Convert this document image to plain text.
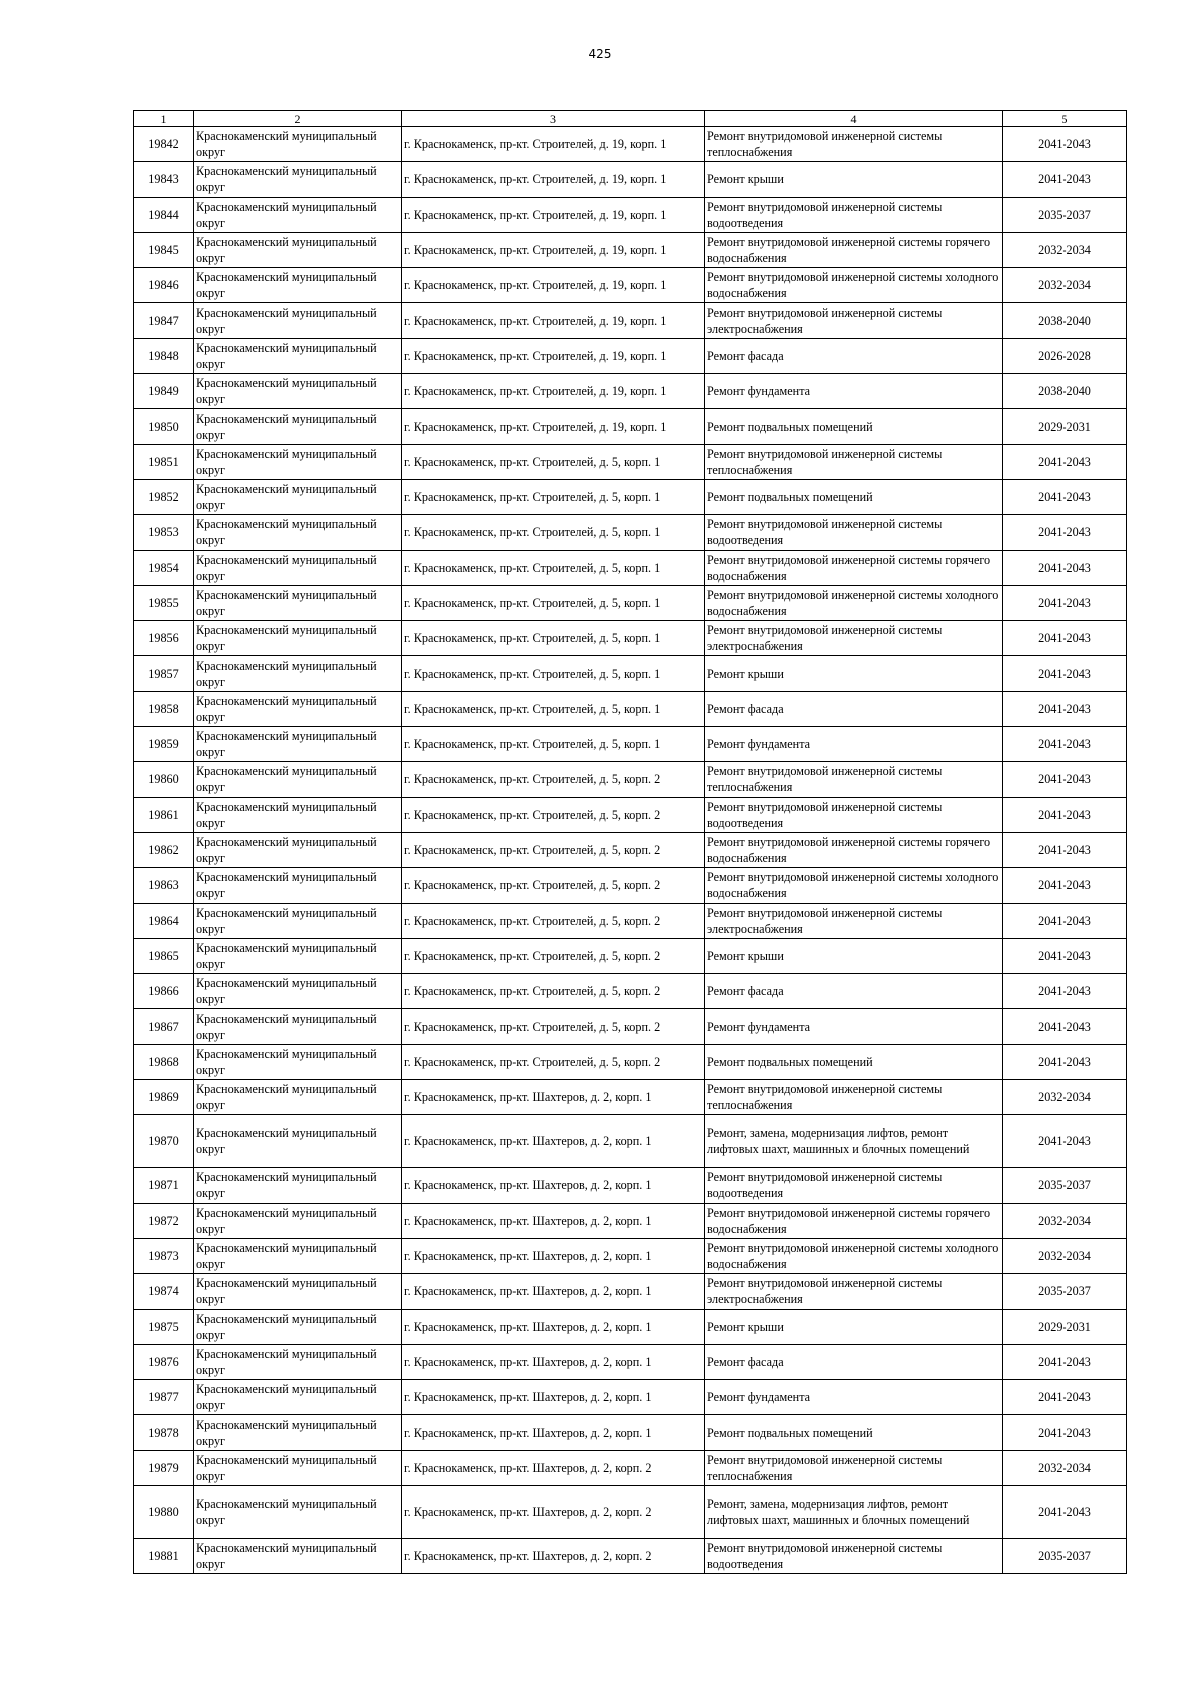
425
1	2	3	4	5
19842	Краснокаменский муниципальный округ	г. Краснокаменск, пр-кт. Строителей, д. 19, корп. 1	Ремонт внутридомовой инженерной системы теплоснабжения	2041-2043
19843	Краснокаменский муниципальный округ	г. Краснокаменск, пр-кт. Строителей, д. 19, корп. 1	Ремонт крыши	2041-2043
19844	Краснокаменский муниципальный округ	г. Краснокаменск, пр-кт. Строителей, д. 19, корп. 1	Ремонт внутридомовой инженерной системы водоотведения	2035-2037
19845	Краснокаменский муниципальный округ	г. Краснокаменск, пр-кт. Строителей, д. 19, корп. 1	Ремонт внутридомовой инженерной системы горячего водоснабжения	2032-2034
19846	Краснокаменский муниципальный округ	г. Краснокаменск, пр-кт. Строителей, д. 19, корп. 1	Ремонт внутридомовой инженерной системы холодного водоснабжения	2032-2034
19847	Краснокаменский муниципальный округ	г. Краснокаменск, пр-кт. Строителей, д. 19, корп. 1	Ремонт внутридомовой инженерной системы электроснабжения	2038-2040
19848	Краснокаменский муниципальный округ	г. Краснокаменск, пр-кт. Строителей, д. 19, корп. 1	Ремонт фасада	2026-2028
19849	Краснокаменский муниципальный округ	г. Краснокаменск, пр-кт. Строителей, д. 19, корп. 1	Ремонт фундамента	2038-2040
19850	Краснокаменский муниципальный округ	г. Краснокаменск, пр-кт. Строителей, д. 19, корп. 1	Ремонт подвальных помещений	2029-2031
19851	Краснокаменский муниципальный округ	г. Краснокаменск, пр-кт. Строителей, д. 5, корп. 1	Ремонт внутридомовой инженерной системы теплоснабжения	2041-2043
19852	Краснокаменский муниципальный округ	г. Краснокаменск, пр-кт. Строителей, д. 5, корп. 1	Ремонт подвальных помещений	2041-2043
19853	Краснокаменский муниципальный округ	г. Краснокаменск, пр-кт. Строителей, д. 5, корп. 1	Ремонт внутридомовой инженерной системы водоотведения	2041-2043
19854	Краснокаменский муниципальный округ	г. Краснокаменск, пр-кт. Строителей, д. 5, корп. 1	Ремонт внутридомовой инженерной системы горячего водоснабжения	2041-2043
19855	Краснокаменский муниципальный округ	г. Краснокаменск, пр-кт. Строителей, д. 5, корп. 1	Ремонт внутридомовой инженерной системы холодного водоснабжения	2041-2043
19856	Краснокаменский муниципальный округ	г. Краснокаменск, пр-кт. Строителей, д. 5, корп. 1	Ремонт внутридомовой инженерной системы электроснабжения	2041-2043
19857	Краснокаменский муниципальный округ	г. Краснокаменск, пр-кт. Строителей, д. 5, корп. 1	Ремонт крыши	2041-2043
19858	Краснокаменский муниципальный округ	г. Краснокаменск, пр-кт. Строителей, д. 5, корп. 1	Ремонт фасада	2041-2043
19859	Краснокаменский муниципальный округ	г. Краснокаменск, пр-кт. Строителей, д. 5, корп. 1	Ремонт фундамента	2041-2043
19860	Краснокаменский муниципальный округ	г. Краснокаменск, пр-кт. Строителей, д. 5, корп. 2	Ремонт внутридомовой инженерной системы теплоснабжения	2041-2043
19861	Краснокаменский муниципальный округ	г. Краснокаменск, пр-кт. Строителей, д. 5, корп. 2	Ремонт внутридомовой инженерной системы водоотведения	2041-2043
19862	Краснокаменский муниципальный округ	г. Краснокаменск, пр-кт. Строителей, д. 5, корп. 2	Ремонт внутридомовой инженерной системы горячего водоснабжения	2041-2043
19863	Краснокаменский муниципальный округ	г. Краснокаменск, пр-кт. Строителей, д. 5, корп. 2	Ремонт внутридомовой инженерной системы холодного водоснабжения	2041-2043
19864	Краснокаменский муниципальный округ	г. Краснокаменск, пр-кт. Строителей, д. 5, корп. 2	Ремонт внутридомовой инженерной системы электроснабжения	2041-2043
19865	Краснокаменский муниципальный округ	г. Краснокаменск, пр-кт. Строителей, д. 5, корп. 2	Ремонт крыши	2041-2043
19866	Краснокаменский муниципальный округ	г. Краснокаменск, пр-кт. Строителей, д. 5, корп. 2	Ремонт фасада	2041-2043
19867	Краснокаменский муниципальный округ	г. Краснокаменск, пр-кт. Строителей, д. 5, корп. 2	Ремонт фундамента	2041-2043
19868	Краснокаменский муниципальный округ	г. Краснокаменск, пр-кт. Строителей, д. 5, корп. 2	Ремонт подвальных помещений	2041-2043
19869	Краснокаменский муниципальный округ	г. Краснокаменск, пр-кт. Шахтеров, д. 2, корп. 1	Ремонт внутридомовой инженерной системы теплоснабжения	2032-2034
19870	Краснокаменский муниципальный округ	г. Краснокаменск, пр-кт. Шахтеров, д. 2, корп. 1	Ремонт, замена, модернизация лифтов, ремонт лифтовых шахт, машинных и блочных помещений	2041-2043
19871	Краснокаменский муниципальный округ	г. Краснокаменск, пр-кт. Шахтеров, д. 2, корп. 1	Ремонт внутридомовой инженерной системы водоотведения	2035-2037
19872	Краснокаменский муниципальный округ	г. Краснокаменск, пр-кт. Шахтеров, д. 2, корп. 1	Ремонт внутридомовой инженерной системы горячего водоснабжения	2032-2034
19873	Краснокаменский муниципальный округ	г. Краснокаменск, пр-кт. Шахтеров, д. 2, корп. 1	Ремонт внутридомовой инженерной системы холодного водоснабжения	2032-2034
19874	Краснокаменский муниципальный округ	г. Краснокаменск, пр-кт. Шахтеров, д. 2, корп. 1	Ремонт внутридомовой инженерной системы электроснабжения	2035-2037
19875	Краснокаменский муниципальный округ	г. Краснокаменск, пр-кт. Шахтеров, д. 2, корп. 1	Ремонт крыши	2029-2031
19876	Краснокаменский муниципальный округ	г. Краснокаменск, пр-кт. Шахтеров, д. 2, корп. 1	Ремонт фасада	2041-2043
19877	Краснокаменский муниципальный округ	г. Краснокаменск, пр-кт. Шахтеров, д. 2, корп. 1	Ремонт фундамента	2041-2043
19878	Краснокаменский муниципальный округ	г. Краснокаменск, пр-кт. Шахтеров, д. 2, корп. 1	Ремонт подвальных помещений	2041-2043
19879	Краснокаменский муниципальный округ	г. Краснокаменск, пр-кт. Шахтеров, д. 2, корп. 2	Ремонт внутридомовой инженерной системы теплоснабжения	2032-2034
19880	Краснокаменский муниципальный округ	г. Краснокаменск, пр-кт. Шахтеров, д. 2, корп. 2	Ремонт, замена, модернизация лифтов, ремонт лифтовых шахт, машинных и блочных помещений	2041-2043
19881	Краснокаменский муниципальный округ	г. Краснокаменск, пр-кт. Шахтеров, д. 2, корп. 2	Ремонт внутридомовой инженерной системы водоотведения	2035-2037
